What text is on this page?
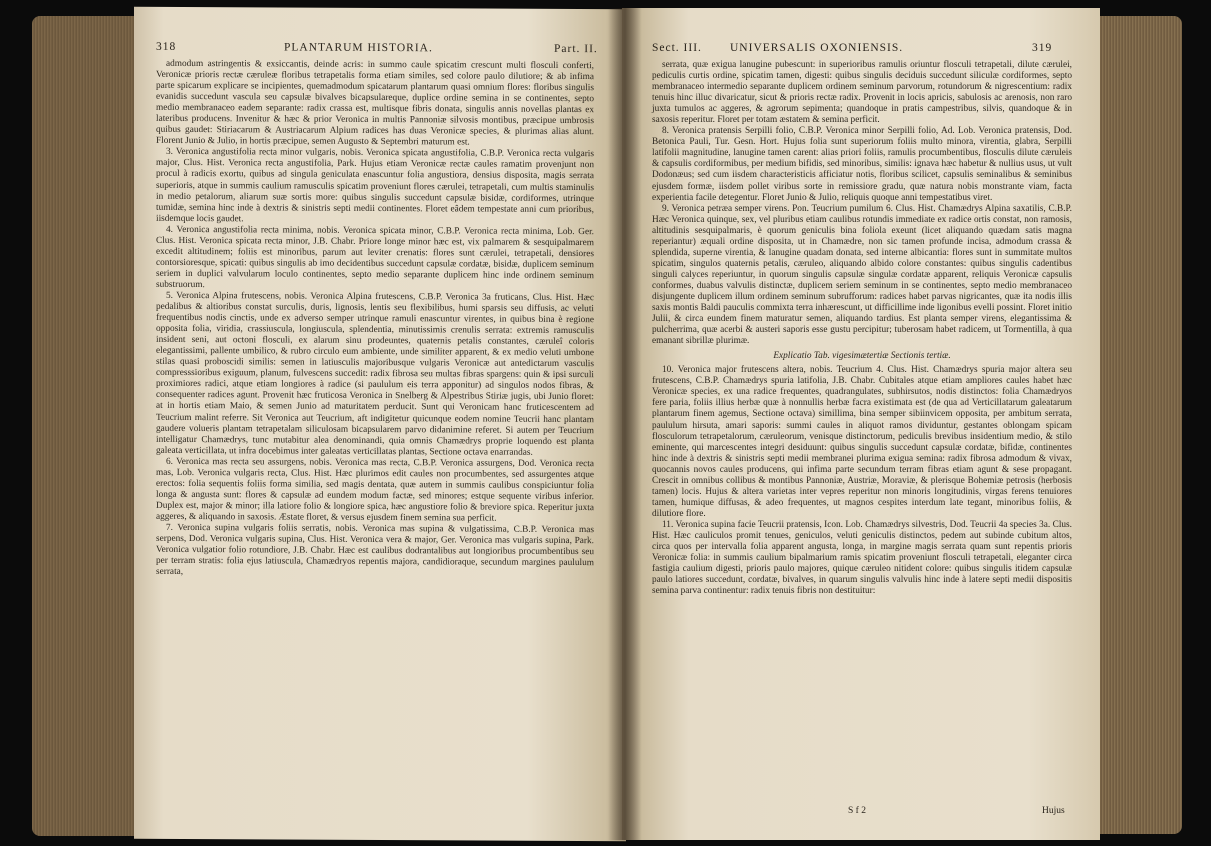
318	PLANTARUM HISTORIA.	Part. II.

admodum astringentis & exsiccantis, deinde acris: in summo caule spicatim crescunt multi flosculi conferti, Veronicæ prioris rectæ cæruleæ floribus tetrapetalis forma etiam similes, sed colore paulo dilutiore; & ab infima parte spicarum explicare se incipientes, quemadmodum spicatarum plantarum quasi omnium flores: floribus singulis evanidis succedunt vascula seu capsulæ bivalves bicapsulareque, duplice ordine semina in se continentes, septo medio membranaceo eadem separante: radix crassa est, multisque fibris donata, singulis annis novellas plantas ex lateribus producens. Invenitur & hæc & prior Veronica in multis Pannoniæ silvosis montibus, præcipue umbrosis quibus gaudet: Stiriacarum & Austriacarum Alpium radices has duas Veronicæ species, & plurimas alias alunt. Florent Junio & Julio, in hortis præcipue, semen Augusto & Septembri maturum est.

3. Veronica angustifolia recta minor vulgaris, nobis. Veronica spicata angustifolia, C.B.P. Veronica recta vulgaris major, Clus. Hist. Veronica recta angustifolia, Park. Hujus etiam Veronicæ rectæ caules ramatim provenjunt non procul à radicis exortu, quibus ad singula geniculata enascuntur folia angustiora, densius disposita, magis serrata superioris, atque in summis caulium ramusculis spicatim proveniunt flores cærulei, tetrapetali, cum multis staminulis in medio petalorum, aliarum suæ sortis more: quibus singulis succedunt capsulæ bisidæ, cordiformes, utrinque tumidæ, semina hinc inde à dextris & sinistris septi medii continentes. Floret eâdem tempestate anni cum prioribus, iisdemque locis gaudet.

4. Veronica angustifolia recta minima, nobis. Veronica spicata minor, C.B.P. Veronica recta minima, Lob. Ger. Clus. Hist. Veronica spicata recta minor, J.B. Chabr. Priore longe minor hæc est, vix palmarem & sesquipalmarem excedit altitudinem; foliis est minoribus, parum aut leviter crenatis: flores sunt cærulei, tetrapetali, densiores contorsioresque, spicati: quibus singulis ab imo decidentibus succedunt capsulæ cordatæ, bisidæ, duplicem seminum seriem in duplici valvularum loculo continentes, septo medio separante duplicem hinc inde ordinem seminum substruorum.

5. Veronica Alpina frutescens, nobis. Veronica Alpina frutescens, C.B.P. Veronica 3a fruticans, Clus. Hist. Hæc pedalibus & altioribus constat surculis, duris, lignosis, lentis seu flexibilibus, humi sparsis seu diffusis, ac veluti frequentibus nodis cinctis, unde ex adverso semper utrinque ramuli enascuntur virentes, in quibus bina è regione opposita folia, viridia, crassiuscula, longiuscula, splendentia, minutissimis crenulis serrata: extremis ramusculis insident seni, aut octoni flosculi, ex alarum sinu prodeuntes, quaternis petalis constantes, cæruleî coloris elegantissimi, pallente umbilico, & rubro circulo eum ambiente, unde similiter apparent, & ex medio veluti umbone stilas quasi proboscidi similis: semen in latiusculis majoribusque vulgaris Veronicæ aut antedictarum vasculis compresssioribus exiguum, planum, fulvescens succedit: radix fibrosa seu multas fibras spargens: quin & ipsi surculi proximiores radici, atque etiam longiores à radice (si paululum eis terra apponitur) ad singulos nodos fibras, & consequenter radices agunt. Provenit hæc fruticosa Veronica in Snelberg & Alpestribus Stiriæ jugis, ubi Junio floret: at in hortis etiam Maio, & semen Junio ad maturitatem perducit. Sunt qui Veronicam hanc fruticescentem ad Teucrium malint referre. Sit Veronica aut Teucrium, aft indigitetur quicunque eodem nomine Teucrii hanc plantam gaudere volueris plantam tetrapetalam siliculosam bicapsularem parvo didanimine referet. Si autem per Teucrium intelligatur Chamædrys, tunc mutabitur alea denominandi, quia omnis Chamædrys proprie loquendo est planta galeata verticillata, ut infra docebimus inter galeatas verticillatas plantas, Sectione octava enarrandas.

6. Veronica mas recta seu assurgens, nobis. Veronica mas recta, C.B.P. Veronica assurgens, Dod. Veronica recta mas, Lob. Veronica vulgaris recta, Clus. Hist. Hæc plurimos edit caules non procumbentes, sed assurgentes atque erectos: folia sequentis foliis forma similia, sed magis dentata, quæ autem in summis caulibus conspiciuntur folia longa & angusta sunt: flores & capsulæ ad eundem modum factæ, sed minores; estque sequente viribus inferior. Duplex est, major & minor; illa latiore folio & longiore spica, hæc angustiore folio & breviore spica. Reperitur juxta aggeres, & aliquando in saxosis. Æstate floret, & versus ejusdem finem semina sua perficit.

7. Veronica supina vulgaris foliis serratis, nobis. Veronica mas supina & vulgatissima, C.B.P. Veronica mas serpens, Dod. Veronica vulgaris supina, Clus. Hist. Veronica vera & major, Ger. Veronica mas vulgaris supina, Park. Veronica vulgatior folio rotundiore, J.B. Chabr. Hæc est caulibus dodrantalibus aut longioribus procumbentibus seu per terram stratis: folia ejus latiuscula, Chamædryos repentis majora, candidioraque, secundum margines paululum serrata,

Sect. III. UNIVERSALIS OXONIENSIS.	319

serrata, quæ exigua lanugine pubescunt: in superioribus ramulis oriuntur flosculi tetrapetali, dilute cærulei, pediculis curtis ordine, spicatim tamen, digesti: quibus singulis deciduis succedunt siliculæ cordiformes, septo membranaceo intermedio separante duplicem ordinem seminum parvorum, rotundorum & nigrescentium: radix tenuis hinc illuc divaricatur, sicut & prioris rectæ radix. Provenit in locis apricis, sabulosis ac arenosis, non raro juxta tumulos ac aggeres, & agrorum sepimenta; quandoque in pratis campestribus, silvis, quandoque & in saxosis reperitur. Floret per totam æstatem & semina perficit.

8. Veronica pratensis Serpilli folio, C.B.P. Veronica minor Serpilli folio, Ad. Lob. Veronica pratensis, Dod. Betonica Pauli, Tur. Gesn. Hort. Hujus folia sunt superiorum foliis multo minora, virentia, glabra, Serpilli latifolii magnitudine, lanugine tamen carent: alias priori foliis, ramulis procumbentibus, flosculis dilute cæruleis & capsulis cordiformibus, per medium bifidis, sed minoribus, similis: ignava hæc habetur & nullius usus, ut vult Dodonæus; sed cum iisdem characteristicis afficiatur notis, floribus scilicet, capsulis seminalibus & seminibus ejusdem formæ, iisdem pollet viribus sorte in remissiore gradu, quæ natura nobis monstrante viam, facta experientia facile detegentur. Floret Junio & Julio, reliquis quoque anni tempestatibus viret.

9. Veronica petræa semper virens. Pon. Teucrium pumilum 6. Clus. Hist. Chamædrys Alpina saxatilis, C.B.P. Hæc Veronica quinque, sex, vel pluribus etiam caulibus rotundis immediate ex radice ortis constat, non ramosis, altitudinis sesquipalmaris, è quorum geniculis bina foliola exeunt (licet aliquando quædam satis magna reperiantur) æquali ordine disposita, ut in Chamædre, non sic tamen profunde incisa, admodum crassa & splendida, superne virentia, & lanugine quadam donata, sed interne albicantia: flores sunt in summitate multos spicatim, singulos quaternis petalis, cæruleo, aliquando albido colore constantes: quibus singulis cadentibus singuli calyces reperiuntur, in quorum singulis capsulæ singulæ cordatæ apparent, reliquis Veronicæ capsulis conformes, duabus valvulis distinctæ, duplicem seriem seminum in se continentes, septo medio membranaceo disjungente duplicem illum ordinem seminum subrufforum: radices habet parvas nigricantes, quæ ita nodis illis saxis montis Baldi pauculis commixta terra inhærescunt, ut difficillime inde ligonibus evelli possint. Floret initio Julii, & circa eundem finem maturatur semen, aliquando tardius. Est planta semper virens, elegantissima & pulcherrima, quæ acerbi & austeri saporis esse gustu percipitur; tuberosam habet radicem, ut Tormentilla, à qua emanant sibrillæ plurimæ.

Explicatio Tab. vigesimætertiæ Sectionis tertiæ.

10. Veronica major frutescens altera, nobis. Teucrium 4. Clus. Hist. Chamædrys spuria major altera seu frutescens, C.B.P. Chamædrys spuria latifolia, J.B. Chabr. Cubitales atque etiam ampliores caules habet hæc Veronicæ species, ex una radice frequentes, quadrangulates, subhirsutos, nodis distinctos: folia Chamædryos fere paria, foliis illius herbæ quæ à nonnullis herbæ facra existimata est (de qua ad Verticillatarum galeatarum plantarum finem agemus, Sectione octava) simillima, bina semper sibiinvicem opposita, per ambitum serrata, paululum hirsuta, amari saporis: summi caules in aliquot ramos dividuntur, gestantes oblongam spicam flosculorum tetrapetalorum, cæruleorum, venisque distinctorum, pediculis brevibus insidentium medio, & stilo eminente, qui marcescentes integri desiduunt: quibus singulis succedunt capsulæ cordatæ, bifidæ, continentes hinc inde à dextris & sinistris septi medii membranei plurima exigua semina: radix fibrosa admodum & vivax, quocannis novos caules producens, qui infima parte secundum terram fibras etiam agunt & sese propagant. Crescit in omnibus collibus & montibus Pannoniæ, Austriæ, Moraviæ, & plerisque Bohemiæ petrosis (herbosis tamen) locis. Hujus & altera varietas inter vepres reperitur non minoris longitudinis, virgas ferens tenuiores tamen, humique diffusas, & adeo frequentes, ut magnos cespites interdum late tegant, minoribus foliis, & dilutiore flore.

11. Veronica supina facie Teucrii pratensis, Icon. Lob. Chamædrys silvestris, Dod. Teucrii 4a species 3a. Clus. Hist. Hæc cauliculos promit tenues, geniculos, veluti geniculis distinctos, pedem aut subinde cubitum altos, circa quos per intervalla folia apparent angusta, longa, in margine magis serrata quam sunt repentis prioris Veronicæ folia: in summis caulium bipalmarium ramis spicatim proveniunt flosculi tetrapetali, eleganter circa fastigia caulium digesti, prioris paulo majores, quique cæruleo nitident colore: quibus singulis itidem capsulæ paulo latiores succedunt, cordatæ, bivalves, in quarum singulis valvulis hinc inde à latere septi medii dispositis semina parva continentur: radix tenuis fibris non destituitur:

S f 2	Hujus
